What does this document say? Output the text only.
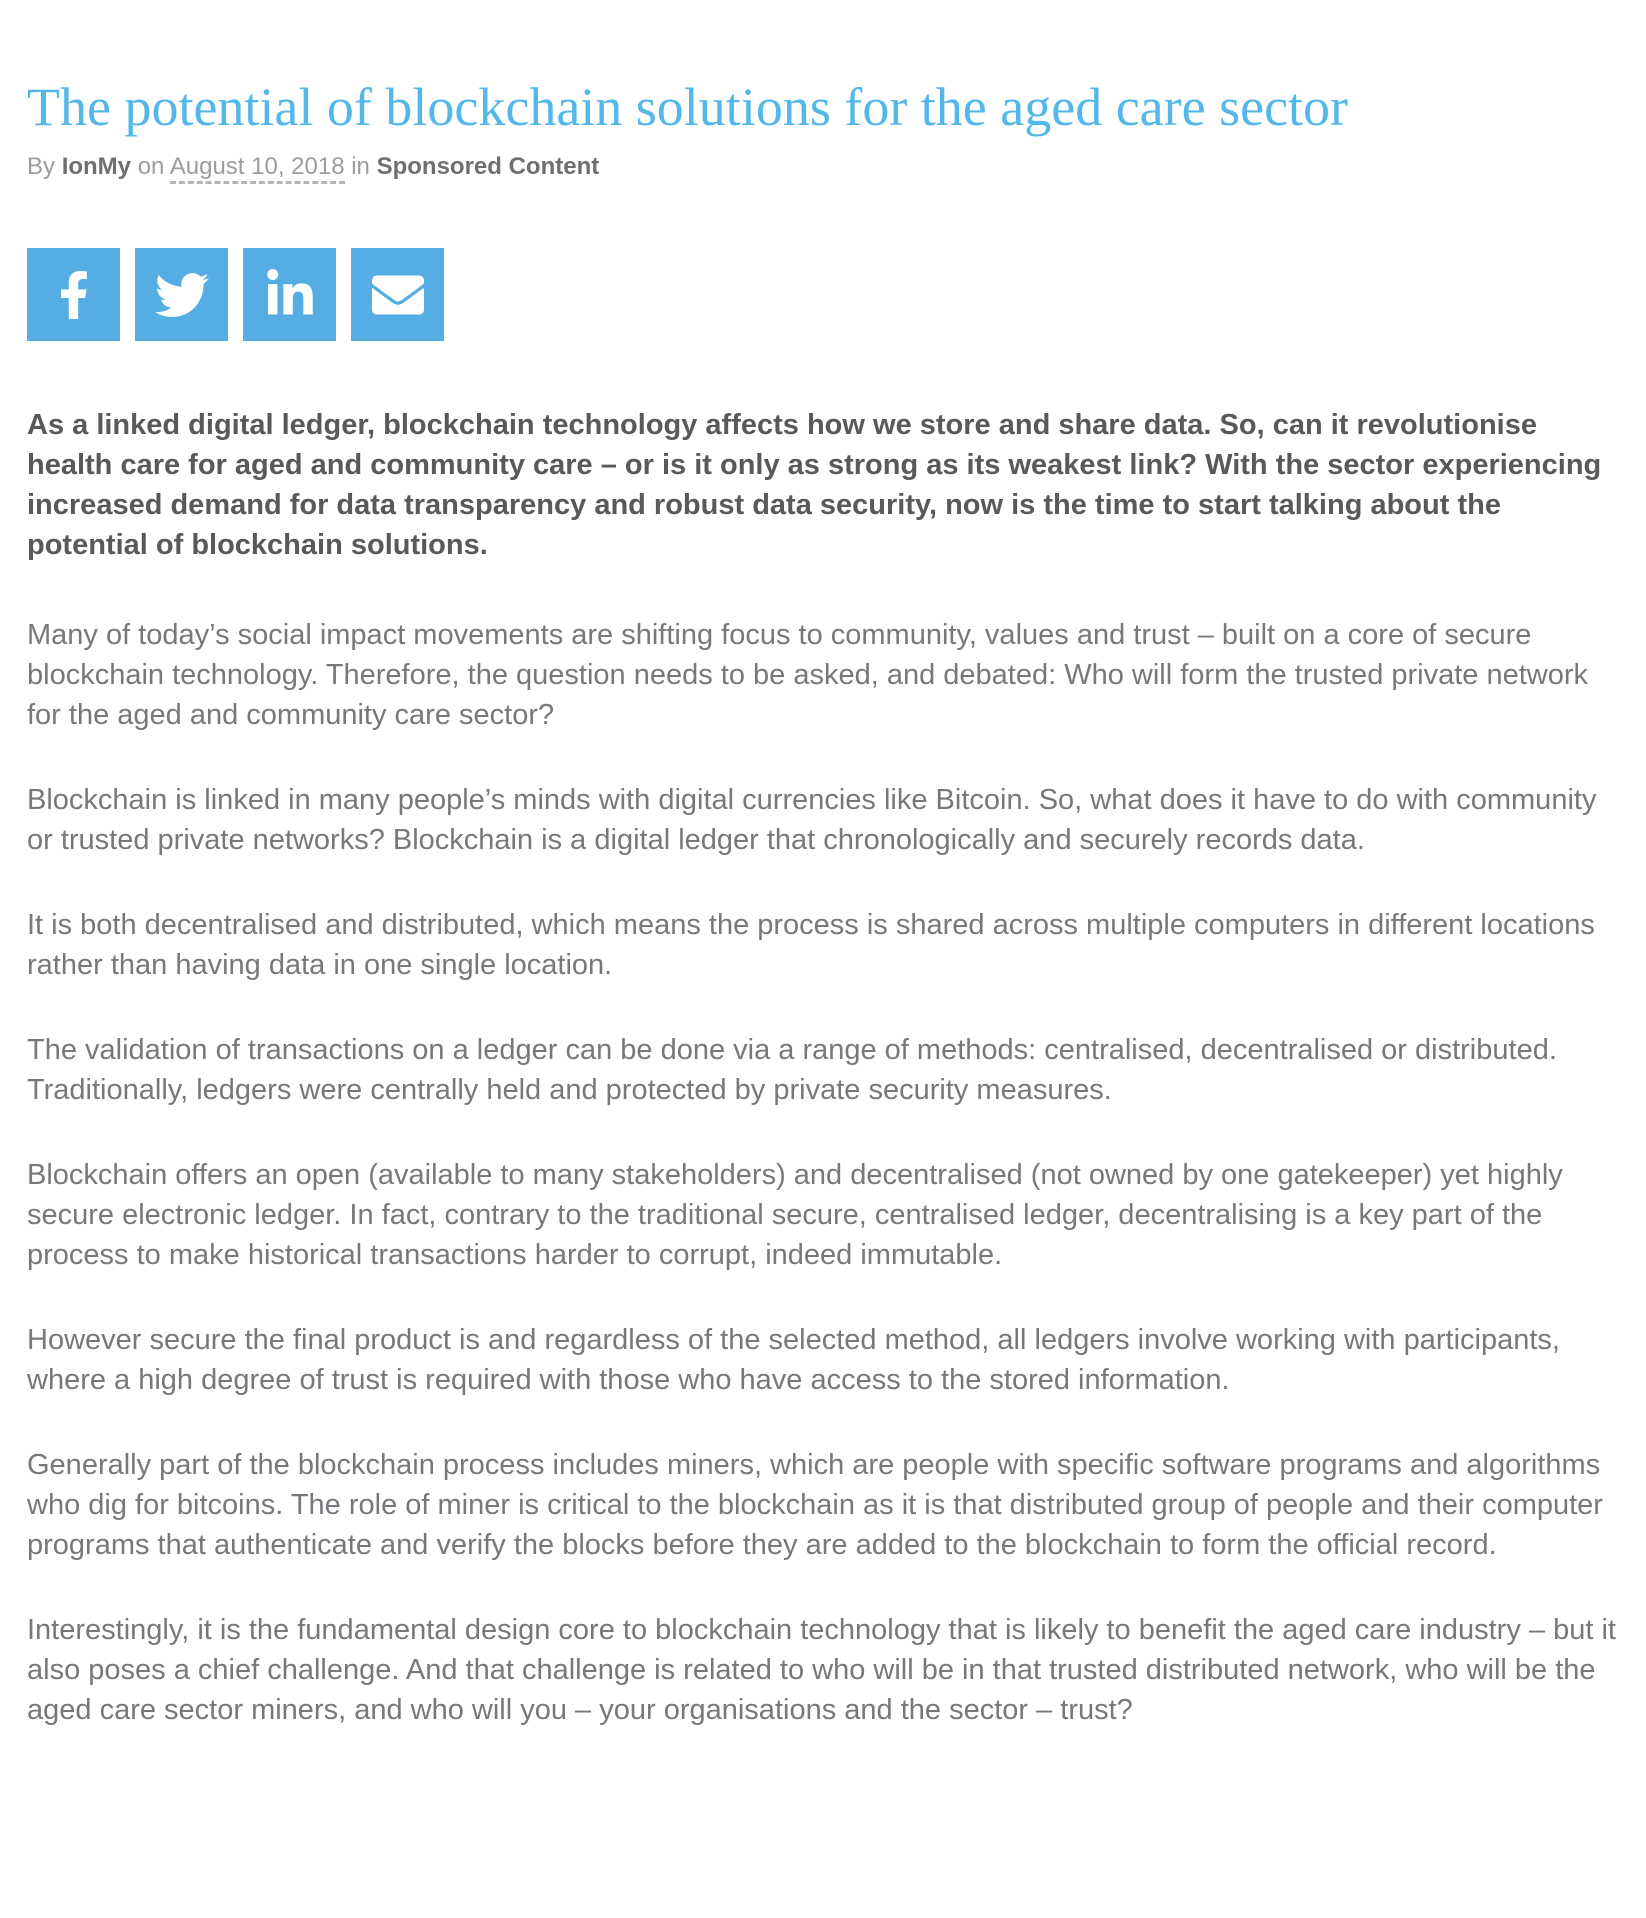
The potential of blockchain solutions for the aged care sector
By IonMy on August 10, 2018 in Sponsored Content

As a linked digital ledger, blockchain technology affects how we store and share data. So, can it revolutionise health care for aged and community care – or is it only as strong as its weakest link? With the sector experiencing increased demand for data transparency and robust data security, now is the time to start talking about the potential of blockchain solutions.

Many of today’s social impact movements are shifting focus to community, values and trust – built on a core of secure blockchain technology. Therefore, the question needs to be asked, and debated: Who will form the trusted private network for the aged and community care sector?

Blockchain is linked in many people’s minds with digital currencies like Bitcoin. So, what does it have to do with community or trusted private networks? Blockchain is a digital ledger that chronologically and securely records data.

It is both decentralised and distributed, which means the process is shared across multiple computers in different locations rather than having data in one single location.

The validation of transactions on a ledger can be done via a range of methods: centralised, decentralised or distributed. Traditionally, ledgers were centrally held and protected by private security measures.

Blockchain offers an open (available to many stakeholders) and decentralised (not owned by one gatekeeper) yet highly secure electronic ledger. In fact, contrary to the traditional secure, centralised ledger, decentralising is a key part of the process to make historical transactions harder to corrupt, indeed immutable.

However secure the final product is and regardless of the selected method, all ledgers involve working with participants, where a high degree of trust is required with those who have access to the stored information.

Generally part of the blockchain process includes miners, which are people with specific software programs and algorithms who dig for bitcoins. The role of miner is critical to the blockchain as it is that distributed group of people and their computer programs that authenticate and verify the blocks before they are added to the blockchain to form the official record.

Interestingly, it is the fundamental design core to blockchain technology that is likely to benefit the aged care industry – but it also poses a chief challenge. And that challenge is related to who will be in that trusted distributed network, who will be the aged care sector miners, and who will you – your organisations and the sector – trust?
